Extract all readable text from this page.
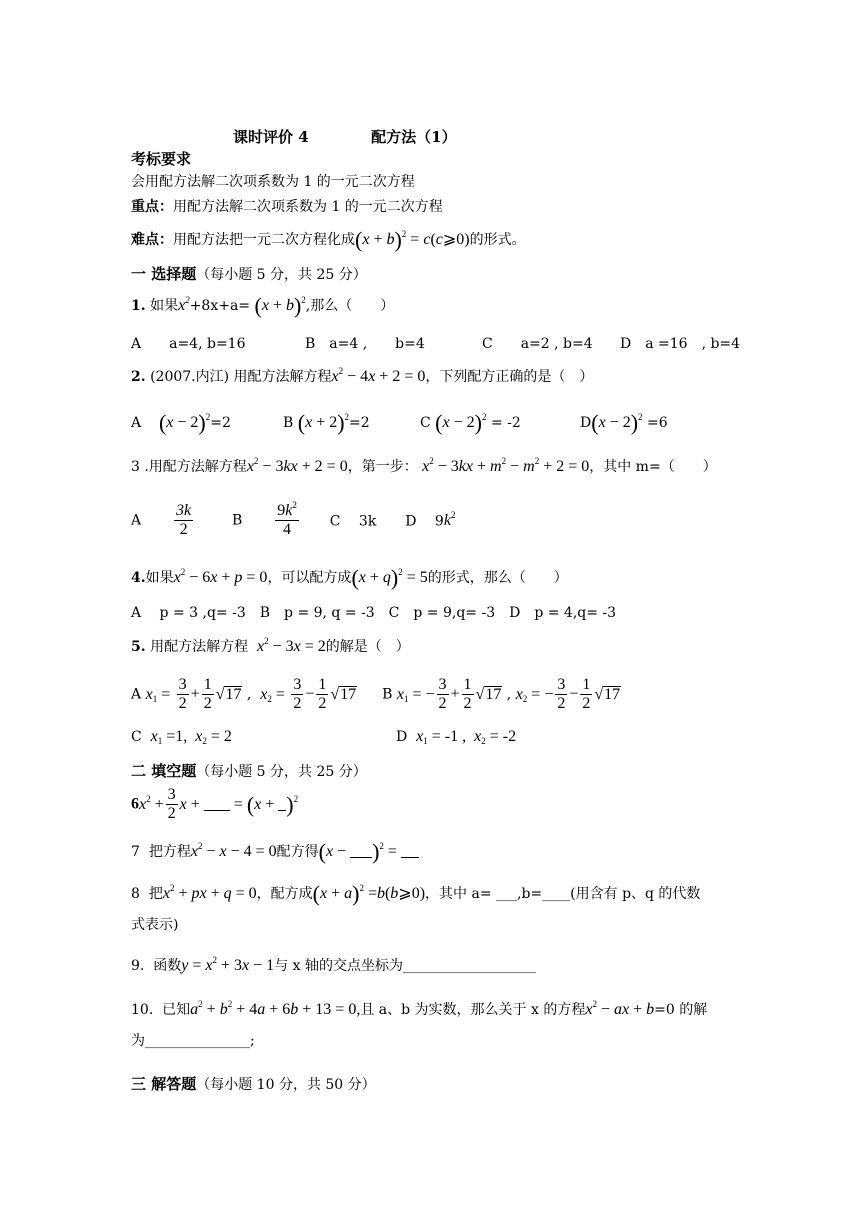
课时评价 4	配方法（1）
考标要求
会用配方法解二次项系数为 1 的一元二次方程
重点：用配方法解二次项系数为 1 的一元二次方程
难点：用配方法把一元二次方程化成$(x + b)^2$ = c(c⩾0)的形式。
一 选择题（每小题 5 分，共 25 分）
1. 如果$x^2+8x+a= (x + b)^2$,那么（　　）
A　　a=4, b=16	B　a=4 ,　　b=4	C　　a=2 , b=4 D　a =16　, b=4
2. (2007.内江) 用配方法解方程$x^2 - 4x + 2 = 0$，下列配方正确的是（　）
A $(x - 2)^2=2$	B $(x + 2)^2=2$	C $(x - 2)^2 = -2$	$D(x - 2)^2 =6$
3 .用配方法解方程$x^2 - 3kx + 2 = 0$，第一步： $x^2 - 3kx + m^2 - m^2 + 2 = 0$，其中 m=（　　）
A $\frac{3k}{2}$	B $\frac{9k^2}{4}$ C　 3k D　 $9k^2$
4.如果$x^2 - 6x + p = 0$，可以配方成$(x + q)^2 = 5$的形式，那么（　　）
A　 p = 3 ,q= -3　B　p = 9, q = -3　C　p = 9,q= -3　D　p = 4,q= -3
5. 用配方法解方程 $x^2 - 3x = 2$的解是（　）
A $x_1 = \frac{3}{2} + \frac{1}{2} √17$ ,  $x_2 = \frac{3}{2} - \frac{1}{2} √17$ B $x_1$ = − $\frac{3}{2} + \frac{1}{2} √17$ , $x_2$ = − $\frac{3}{2} - \frac{1}{2} √17$
C $x_1 =1$,  $x_2 = 2$	D $x_1 = -1$ ,  $x_2 = -2$
二 填空题（每小题 5 分，共 25 分）
$6x^2 + \frac{3}{2}$ x +  = $(x + )^2$
7 把方程$x^2 - x - 4 = 0$配方得$(x - )^2$ =
8 把$x^2$ + px + q = 0，配方成$(x + a)^2$ =b(b⩾0)，其中 a= ___,b=____(用含有 p、q 的代数
式表示)
9. 函数$y = x^2 + 3x - 1$与 x 轴的交点坐标为___________________
10. 已知$a^2 + b^2 + 4a + 6b + 13 = 0$,且 a、b 为实数，那么关于 x 的方程$x^2$ − ax + b=0 的解
为_______________;
三 解答题（每小题 10 分，共 50 分）
